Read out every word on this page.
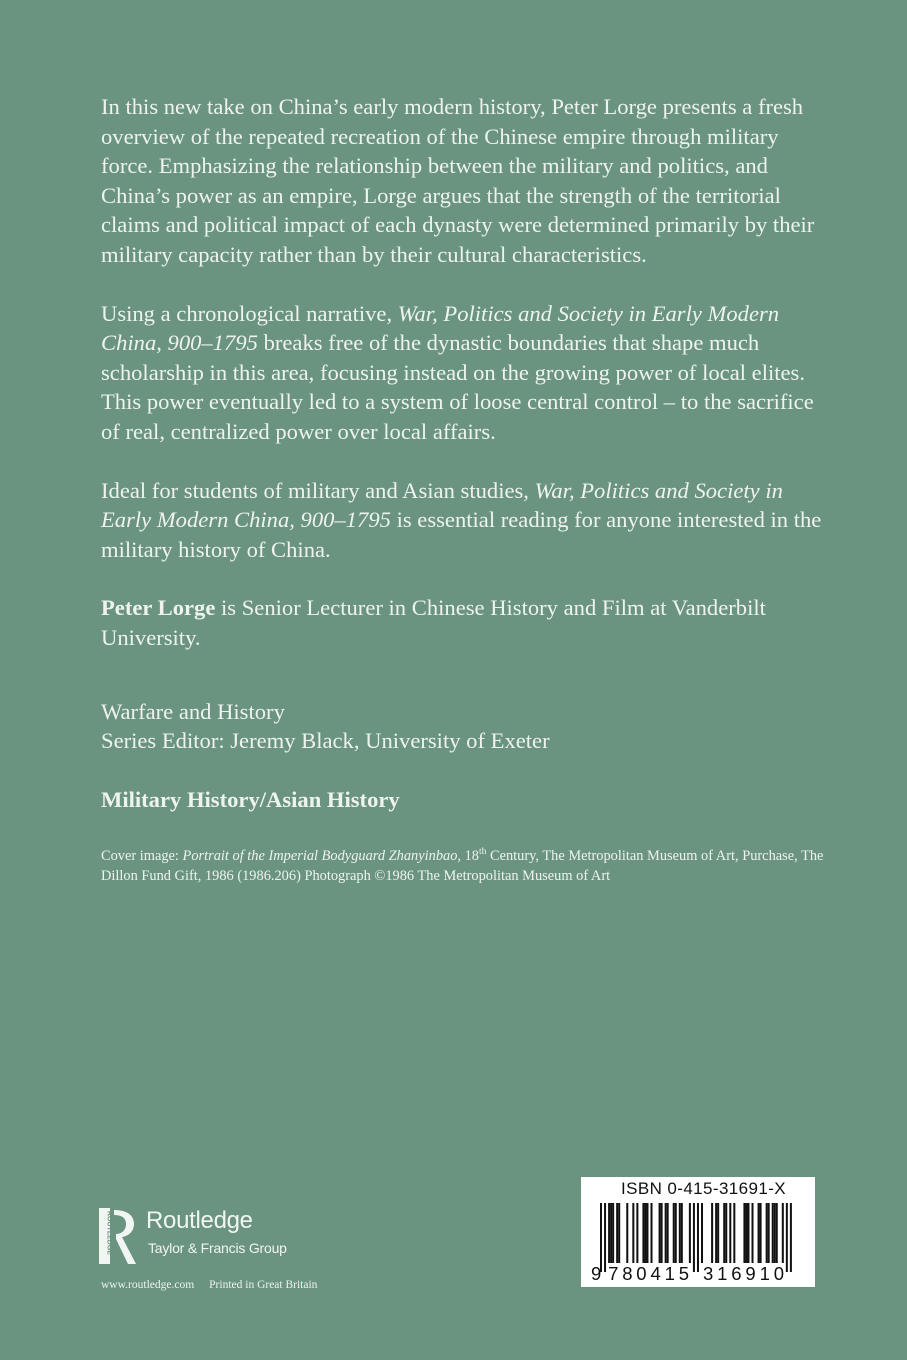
In this new take on China’s early modern history, Peter Lorge presents a fresh overview of the repeated recreation of the Chinese empire through military force. Emphasizing the relationship between the military and politics, and China’s power as an empire, Lorge argues that the strength of the territorial claims and political impact of each dynasty were determined primarily by their military capacity rather than by their cultural characteristics.

Using a chronological narrative, War, Politics and Society in Early Modern China, 900–1795 breaks free of the dynastic boundaries that shape much scholarship in this area, focusing instead on the growing power of local elites. This power eventually led to a system of loose central control – to the sacrifice of real, centralized power over local affairs.

Ideal for students of military and Asian studies, War, Politics and Society in Early Modern China, 900–1795 is essential reading for anyone interested in the military history of China.

Peter Lorge is Senior Lecturer in Chinese History and Film at Vanderbilt University.

Warfare and History
Series Editor: Jeremy Black, University of Exeter

Military History/Asian History

Cover image: Portrait of the Imperial Bodyguard Zhanyinbao, 18th Century, The Metropolitan Museum of Art, Purchase, The Dillon Fund Gift, 1986 (1986.206) Photograph ©1986 The Metropolitan Museum of Art

ROUTLEDGE Routledge
Taylor & Francis Group
www.routledge.com Printed in Great Britain
ISBN 0-415-31691-X
9 7 8 0 4 1 5 3 1 6 9 1 0
